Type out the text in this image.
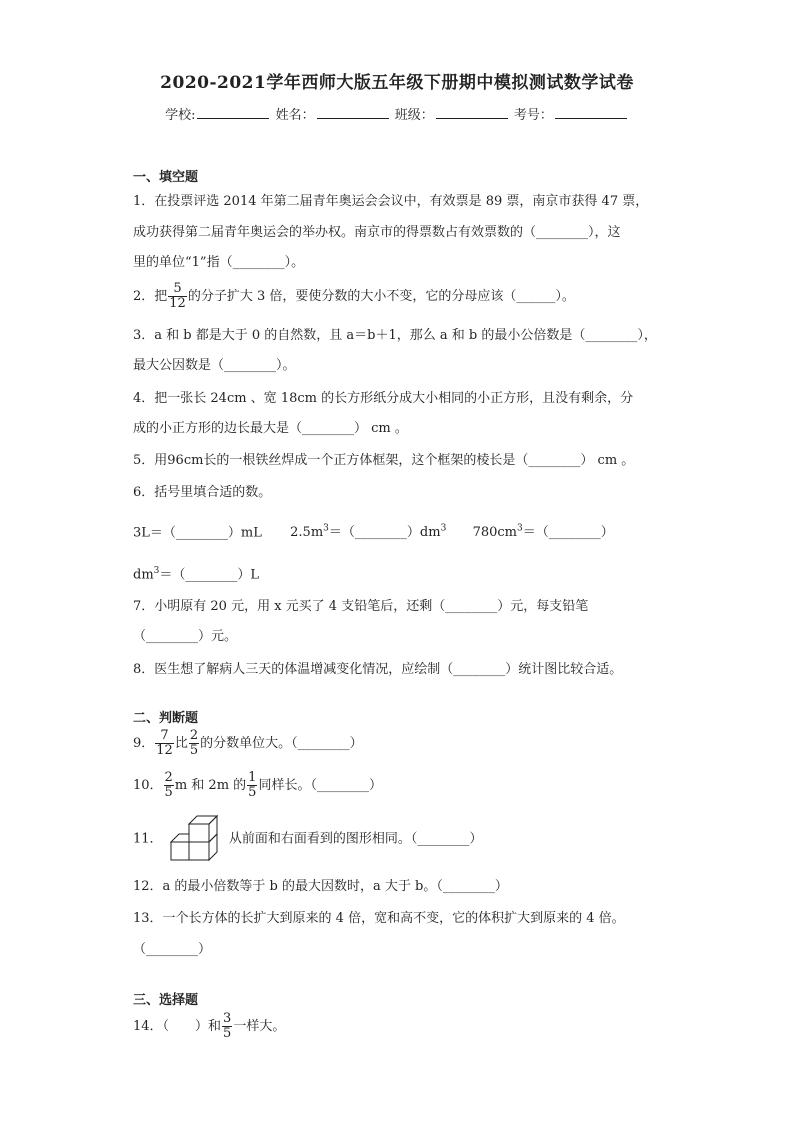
2020-2021学年西师大版五年级下册期中模拟测试数学试卷
学校:	姓名：	班级：	考号：
一、填空题
1．在投票评选 2014 年第二届青年奥运会会议中，有效票是 89 票，南京市获得 47 票，
成功获得第二届青年奥运会的举办权。南京市的得票数占有效票数的（________），这
里的单位“1”指（________）。
2．把 $\frac{5}{12}$ 的分子扩大 3 倍，要使分数的大小不变，它的分母应该（______）。
3．a 和 b 都是大于 0 的自然数，且 a＝b＋1，那么 a 和 b 的最小公倍数是（________），
最大公因数是（________）。
4．把一张长 24cm 、宽 18cm 的长方形纸分成大小相同的小正方形，且没有剩余，分
成的小正方形的边长最大是（________） cm 。
5．用96cm长的一根铁丝焊成一个正方体框架，这个框架的棱长是（________） cm 。
6．括号里填合适的数。
3L＝（________）mL $2.5m^3=(\_\_\_\_\_\_\_\_)dm^3$ $780cm^3=(\_\_\_\_\_\_\_\_)$
$dm^3=(\_\_\_\_\_\_\_\_)L$
7．小明原有 20 元，用 x 元买了 4 支铅笔后，还剩（________）元，每支铅笔
（________）元。
8．医生想了解病人三天的体温增减变化情况，应绘制（________）统计图比较合适。
二、判断题
9． $\frac{7}{12}$ 比 $\frac{2}{5}$ 的分数单位大。（________）
10． $\frac{2}{5}$ m 和 2m 的 $\frac{1}{5}$ 同样长。（________）
11．	从前面和右面看到的图形相同。（________）
12．a 的最小倍数等于 b 的最大因数时，a 大于 b。（________）
13．一个长方体的长扩大到原来的 4 倍，宽和高不变，它的体积扩大到原来的 4 倍。
（________）
三、选择题
14．（　　）和 $\frac{3}{5}$ 一样大。
